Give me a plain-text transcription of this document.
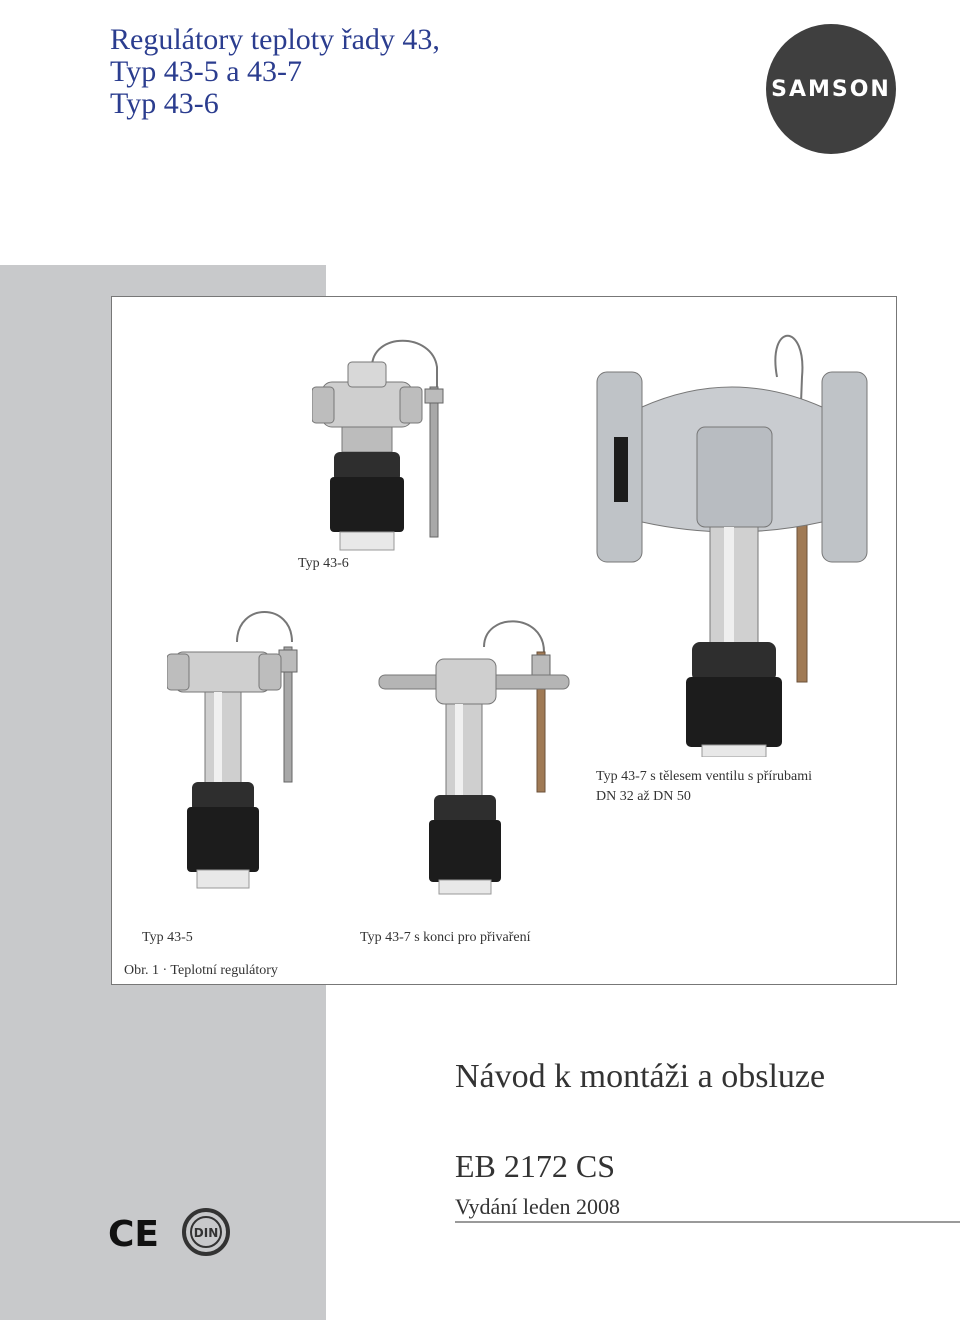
Regulátory teploty řady 43,
Typ 43-5 a 43-7
Typ 43-6	SAMSON
Typ 43-6
Typ 43-7 s tělesem ventilu s přírubami
DN 32 až DN 50
Typ 43-5	Typ 43-7 s konci pro přivaření
Obr. 1 · Teplotní regulátory
Návod k montáži a obsluze
EB 2172 CS
Vydání leden 2008
CE	DIN
